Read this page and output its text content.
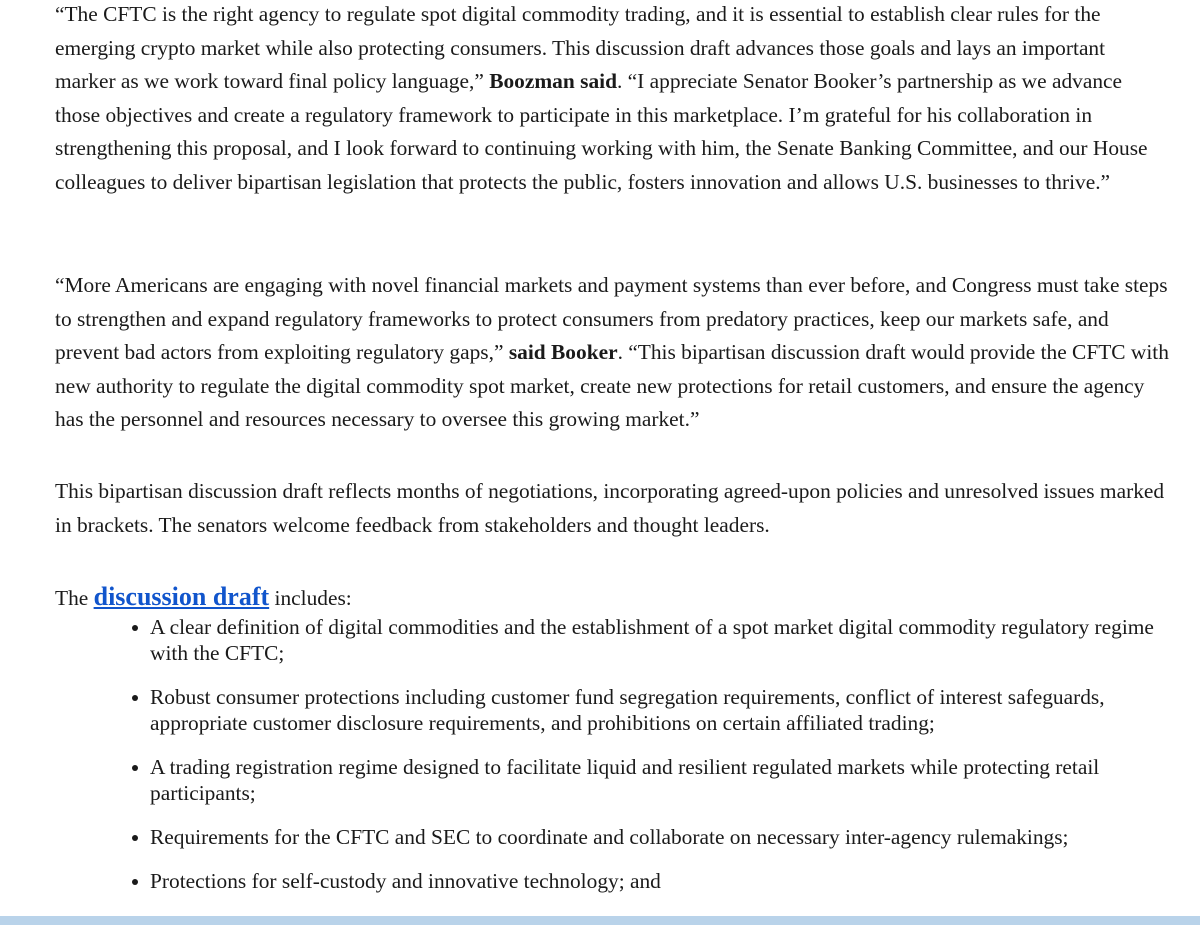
“The CFTC is the right agency to regulate spot digital commodity trading, and it is essential to establish clear rules for the emerging crypto market while also protecting consumers. This discussion draft advances those goals and lays an important marker as we work toward final policy language,” Boozman said. “I appreciate Senator Booker’s partnership as we advance those objectives and create a regulatory framework to participate in this marketplace. I’m grateful for his collaboration in strengthening this proposal, and I look forward to continuing working with him, the Senate Banking Committee, and our House colleagues to deliver bipartisan legislation that protects the public, fosters innovation and allows U.S. businesses to thrive.”

“More Americans are engaging with novel financial markets and payment systems than ever before, and Congress must take steps to strengthen and expand regulatory frameworks to protect consumers from predatory practices, keep our markets safe, and prevent bad actors from exploiting regulatory gaps,” said Booker. “This bipartisan discussion draft would provide the CFTC with new authority to regulate the digital commodity spot market, create new protections for retail customers, and ensure the agency has the personnel and resources necessary to oversee this growing market.”

This bipartisan discussion draft reflects months of negotiations, incorporating agreed-upon policies and unresolved issues marked in brackets. The senators welcome feedback from stakeholders and thought leaders.

The discussion draft includes:

A clear definition of digital commodities and the establishment of a spot market digital commodity regulatory regime with the CFTC;
Robust consumer protections including customer fund segregation requirements, conflict of interest safeguards, appropriate customer disclosure requirements, and prohibitions on certain affiliated trading;
A trading registration regime designed to facilitate liquid and resilient regulated markets while protecting retail participants;
Requirements for the CFTC and SEC to coordinate and collaborate on necessary inter-agency rulemakings;
Protections for self-custody and innovative technology; and
